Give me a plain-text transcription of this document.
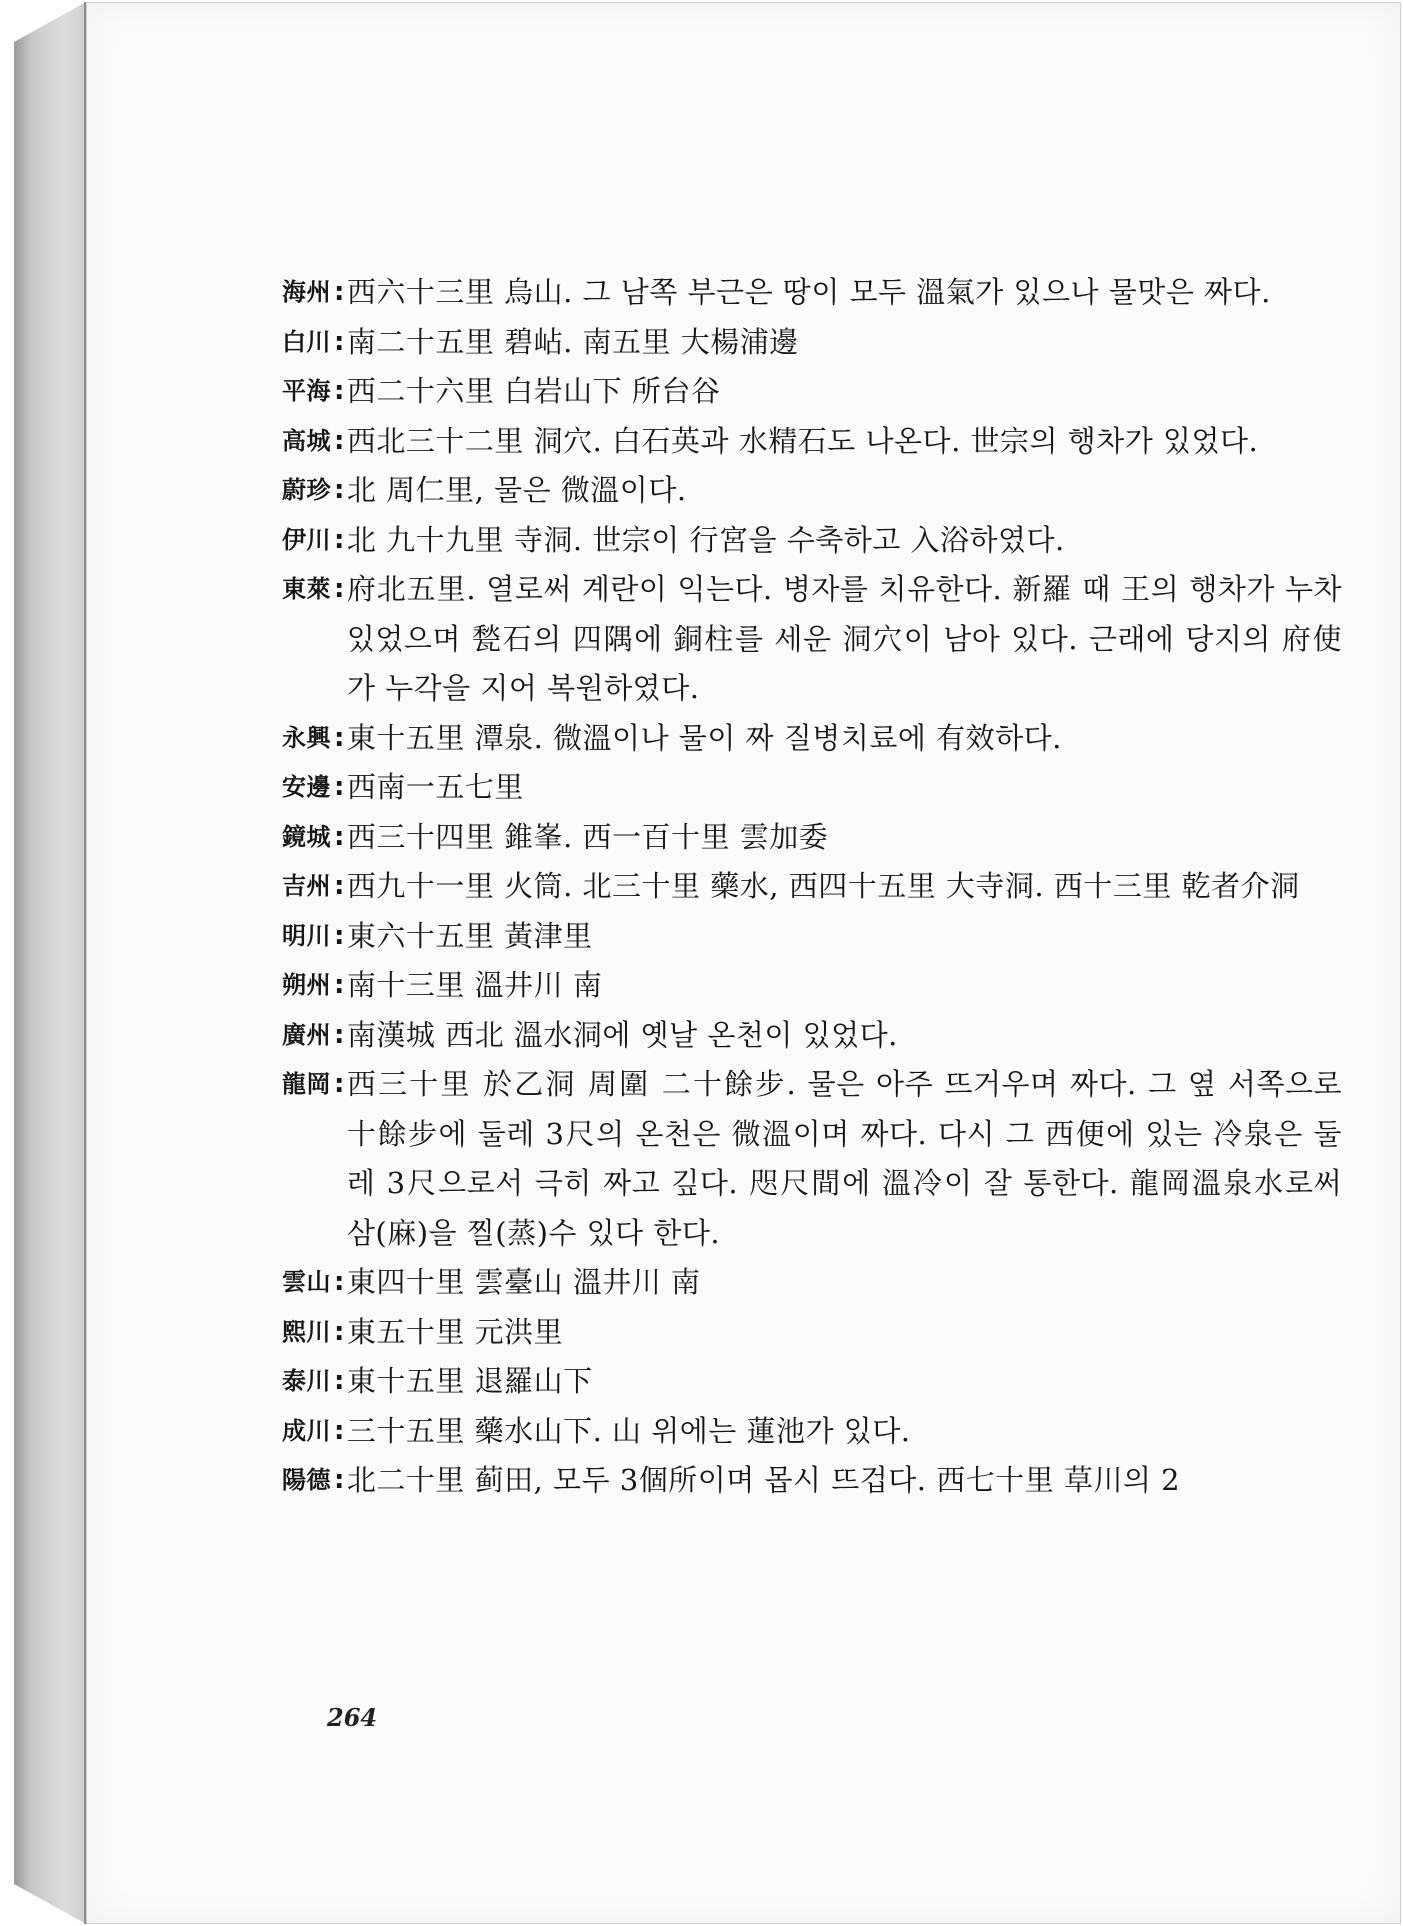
海州 : 西六十三里 烏山. 그 남쪽 부근은 땅이 모두 溫氣가 있으나 물맛은 짜다.
白川 : 南二十五里 碧岾. 南五里 大楊浦邊
平海 : 西二十六里 白岩山下 所台谷
高城 : 西北三十二里 洞穴. 白石英과 水精石도 나온다. 世宗의 행차가 있었다.
蔚珍 : 北 周仁里, 물은 微溫이다.
伊川 : 北 九十九里 寺洞. 世宗이 行宮을 수축하고 入浴하였다.
東萊 : 府北五里. 열로써 계란이 익는다. 병자를 치유한다. 新羅 때 王의 행차가 누차 있었으며 甃石의 四隅에 銅柱를 세운 洞穴이 남아 있다. 근래에 당지의 府使가 누각을 지어 복원하였다.
永興 : 東十五里 潭泉. 微溫이나 물이 짜 질병치료에 有效하다.
安邊 : 西南一五七里
鏡城 : 西三十四里 錐峯. 西一百十里 雲加委
吉州 : 西九十一里 火筒. 北三十里 藥水, 西四十五里 大寺洞. 西十三里 乾者介洞
明川 : 東六十五里 黃津里
朔州 : 南十三里 溫井川 南
廣州 : 南漢城 西北 溫水洞에 옛날 온천이 있었다.
龍岡 : 西三十里 於乙洞 周圍 二十餘步. 물은 아주 뜨거우며 짜다. 그 옆 서쪽으로 十餘步에 둘레 3尺의 온천은 微溫이며 짜다. 다시 그 西便에 있는 冷泉은 둘레 3尺으로서 극히 짜고 깊다. 咫尺間에 溫冷이 잘 통한다. 龍岡溫泉水로써 삼(麻)을 찔(蒸)수 있다 한다.
雲山 : 東四十里 雲臺山 溫井川 南
熙川 : 東五十里 元洪里
泰川 : 東十五里 退羅山下
成川 : 三十五里 藥水山下. 山 위에는 蓮池가 있다.
陽德 : 北二十里 蓟田, 모두 3個所이며 몹시 뜨겁다. 西七十里 草川의 2
264
